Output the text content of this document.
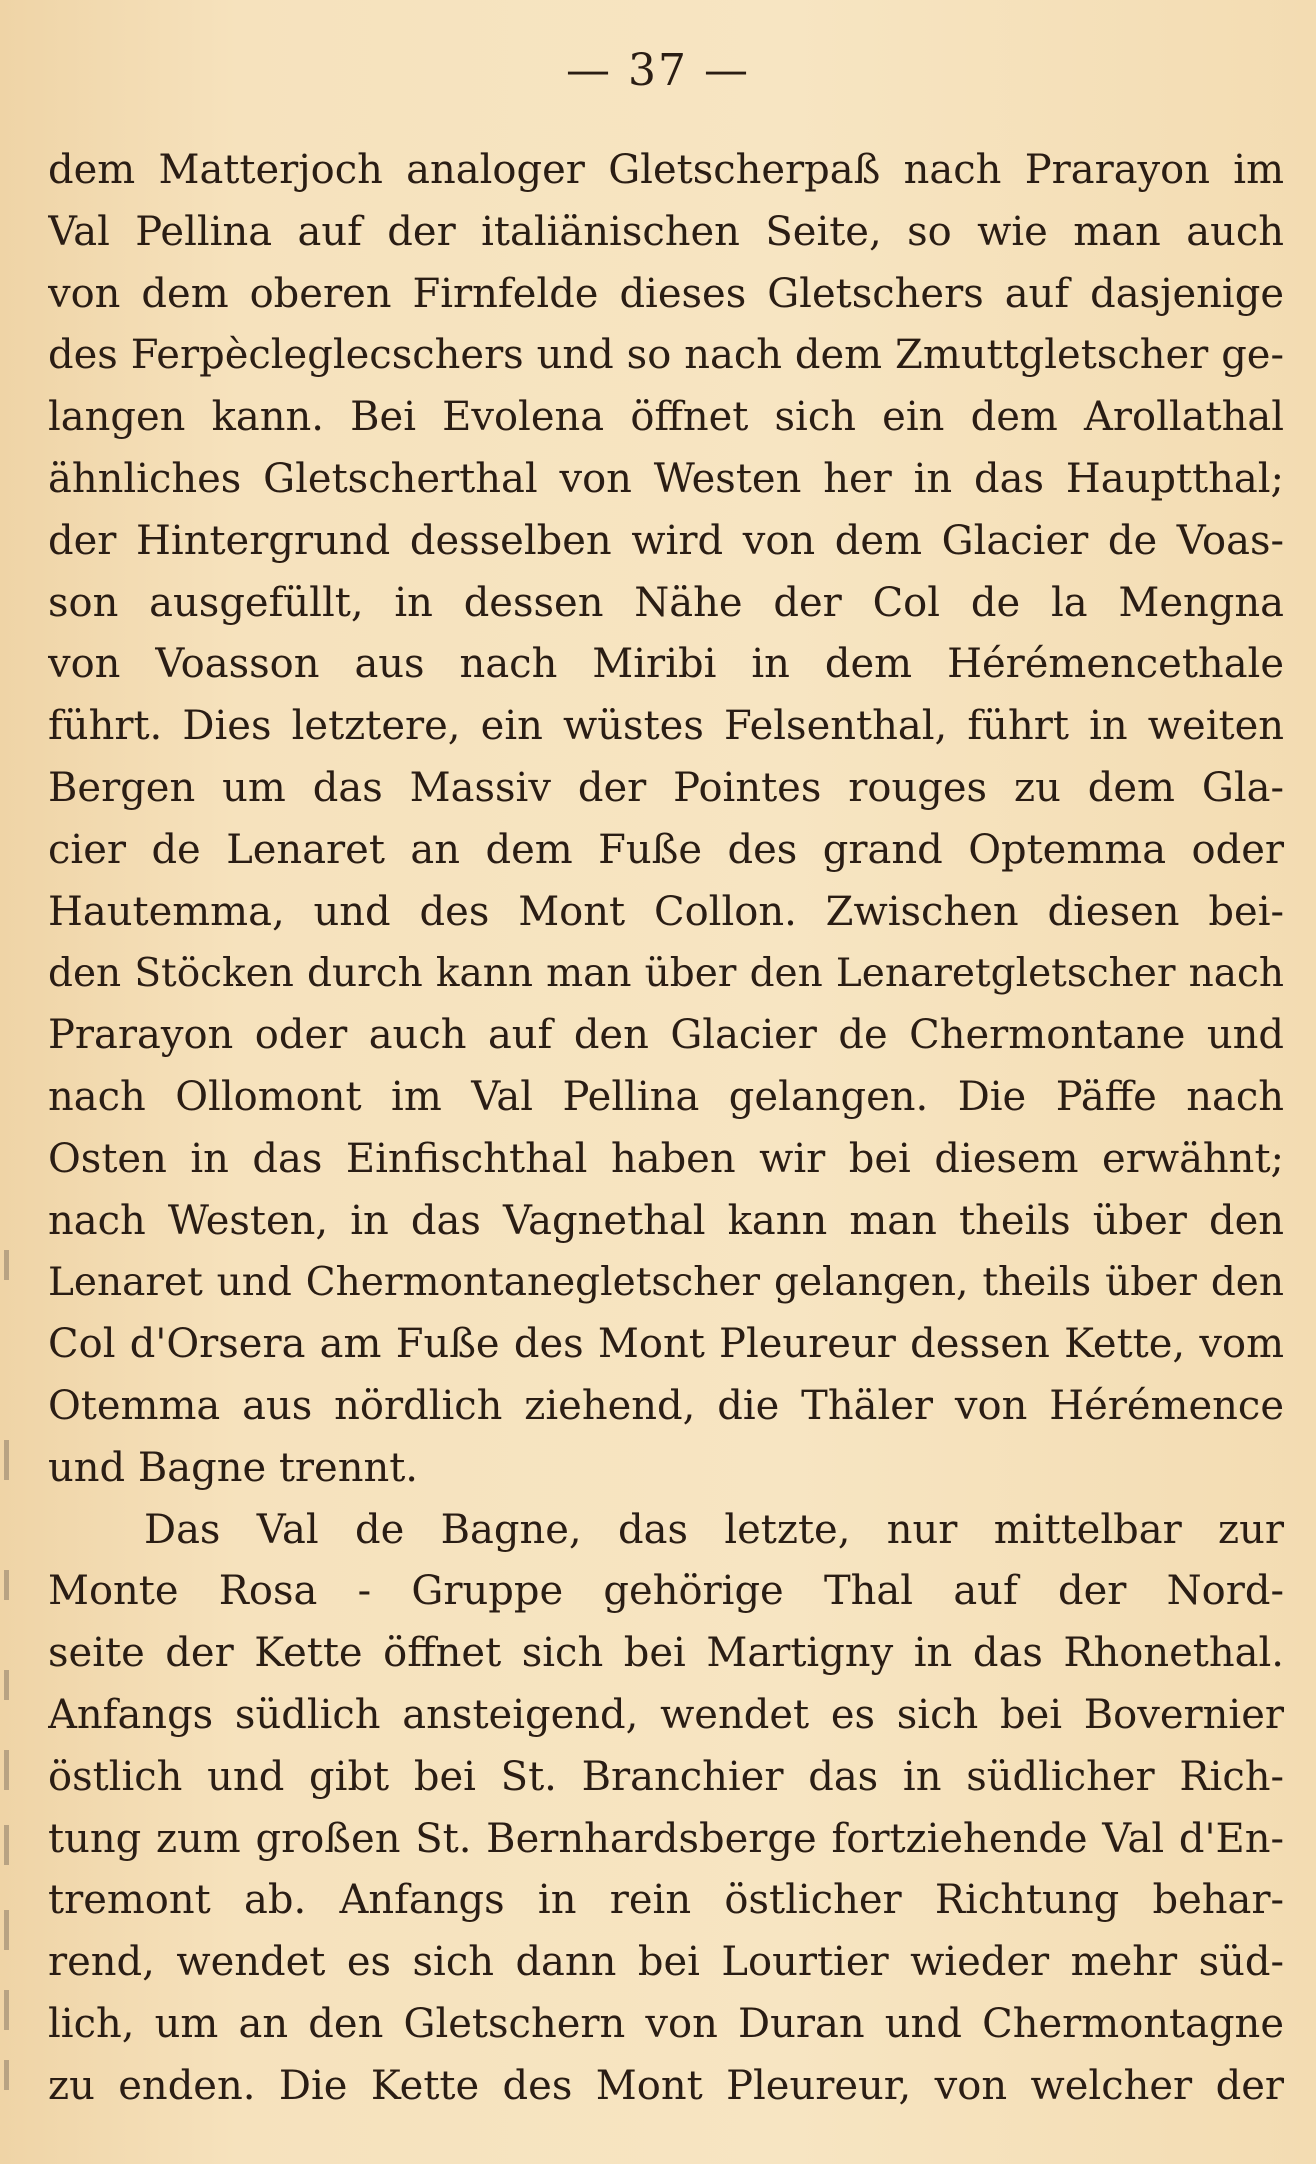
— 37 —
dem Matterjoch analoger Gletscherpaß nach Prarayon im
Val Pellina auf der italiänischen Seite, so wie man auch
von dem oberen Firnfelde dieses Gletschers auf dasjenige
des Ferpècleglecschers und so nach dem Zmuttgletscher ge-
langen kann. Bei Evolena öffnet sich ein dem Arollathal
ähnliches Gletscherthal von Westen her in das Hauptthal;
der Hintergrund desselben wird von dem Glacier de Voas-
son ausgefüllt, in dessen Nähe der Col de la Mengna
von Voasson aus nach Miribi in dem Hérémencethale
führt. Dies letztere, ein wüstes Felsenthal, führt in weiten
Bergen um das Massiv der Pointes rouges zu dem Gla-
cier de Lenaret an dem Fuße des grand Optemma oder
Hautemma, und des Mont Collon. Zwischen diesen bei-
den Stöcken durch kann man über den Lenaretgletscher nach
Prarayon oder auch auf den Glacier de Chermontane und
nach Ollomont im Val Pellina gelangen. Die Päffe nach
Osten in das Einfischthal haben wir bei diesem erwähnt;
nach Westen, in das Vagnethal kann man theils über den
Lenaret und Chermontanegletscher gelangen, theils über den
Col d'Orsera am Fuße des Mont Pleureur dessen Kette, vom
Otemma aus nördlich ziehend, die Thäler von Hérémence
und Bagne trennt.
Das Val de Bagne, das letzte, nur mittelbar zur
Monte Rosa - Gruppe gehörige Thal auf der Nord-
seite der Kette öffnet sich bei Martigny in das Rhonethal.
Anfangs südlich ansteigend, wendet es sich bei Bovernier
östlich und gibt bei St. Branchier das in südlicher Rich-
tung zum großen St. Bernhardsberge fortziehende Val d'En-
tremont ab. Anfangs in rein östlicher Richtung behar-
rend, wendet es sich dann bei Lourtier wieder mehr süd-
lich, um an den Gletschern von Duran und Chermontagne
zu enden. Die Kette des Mont Pleureur, von welcher der
